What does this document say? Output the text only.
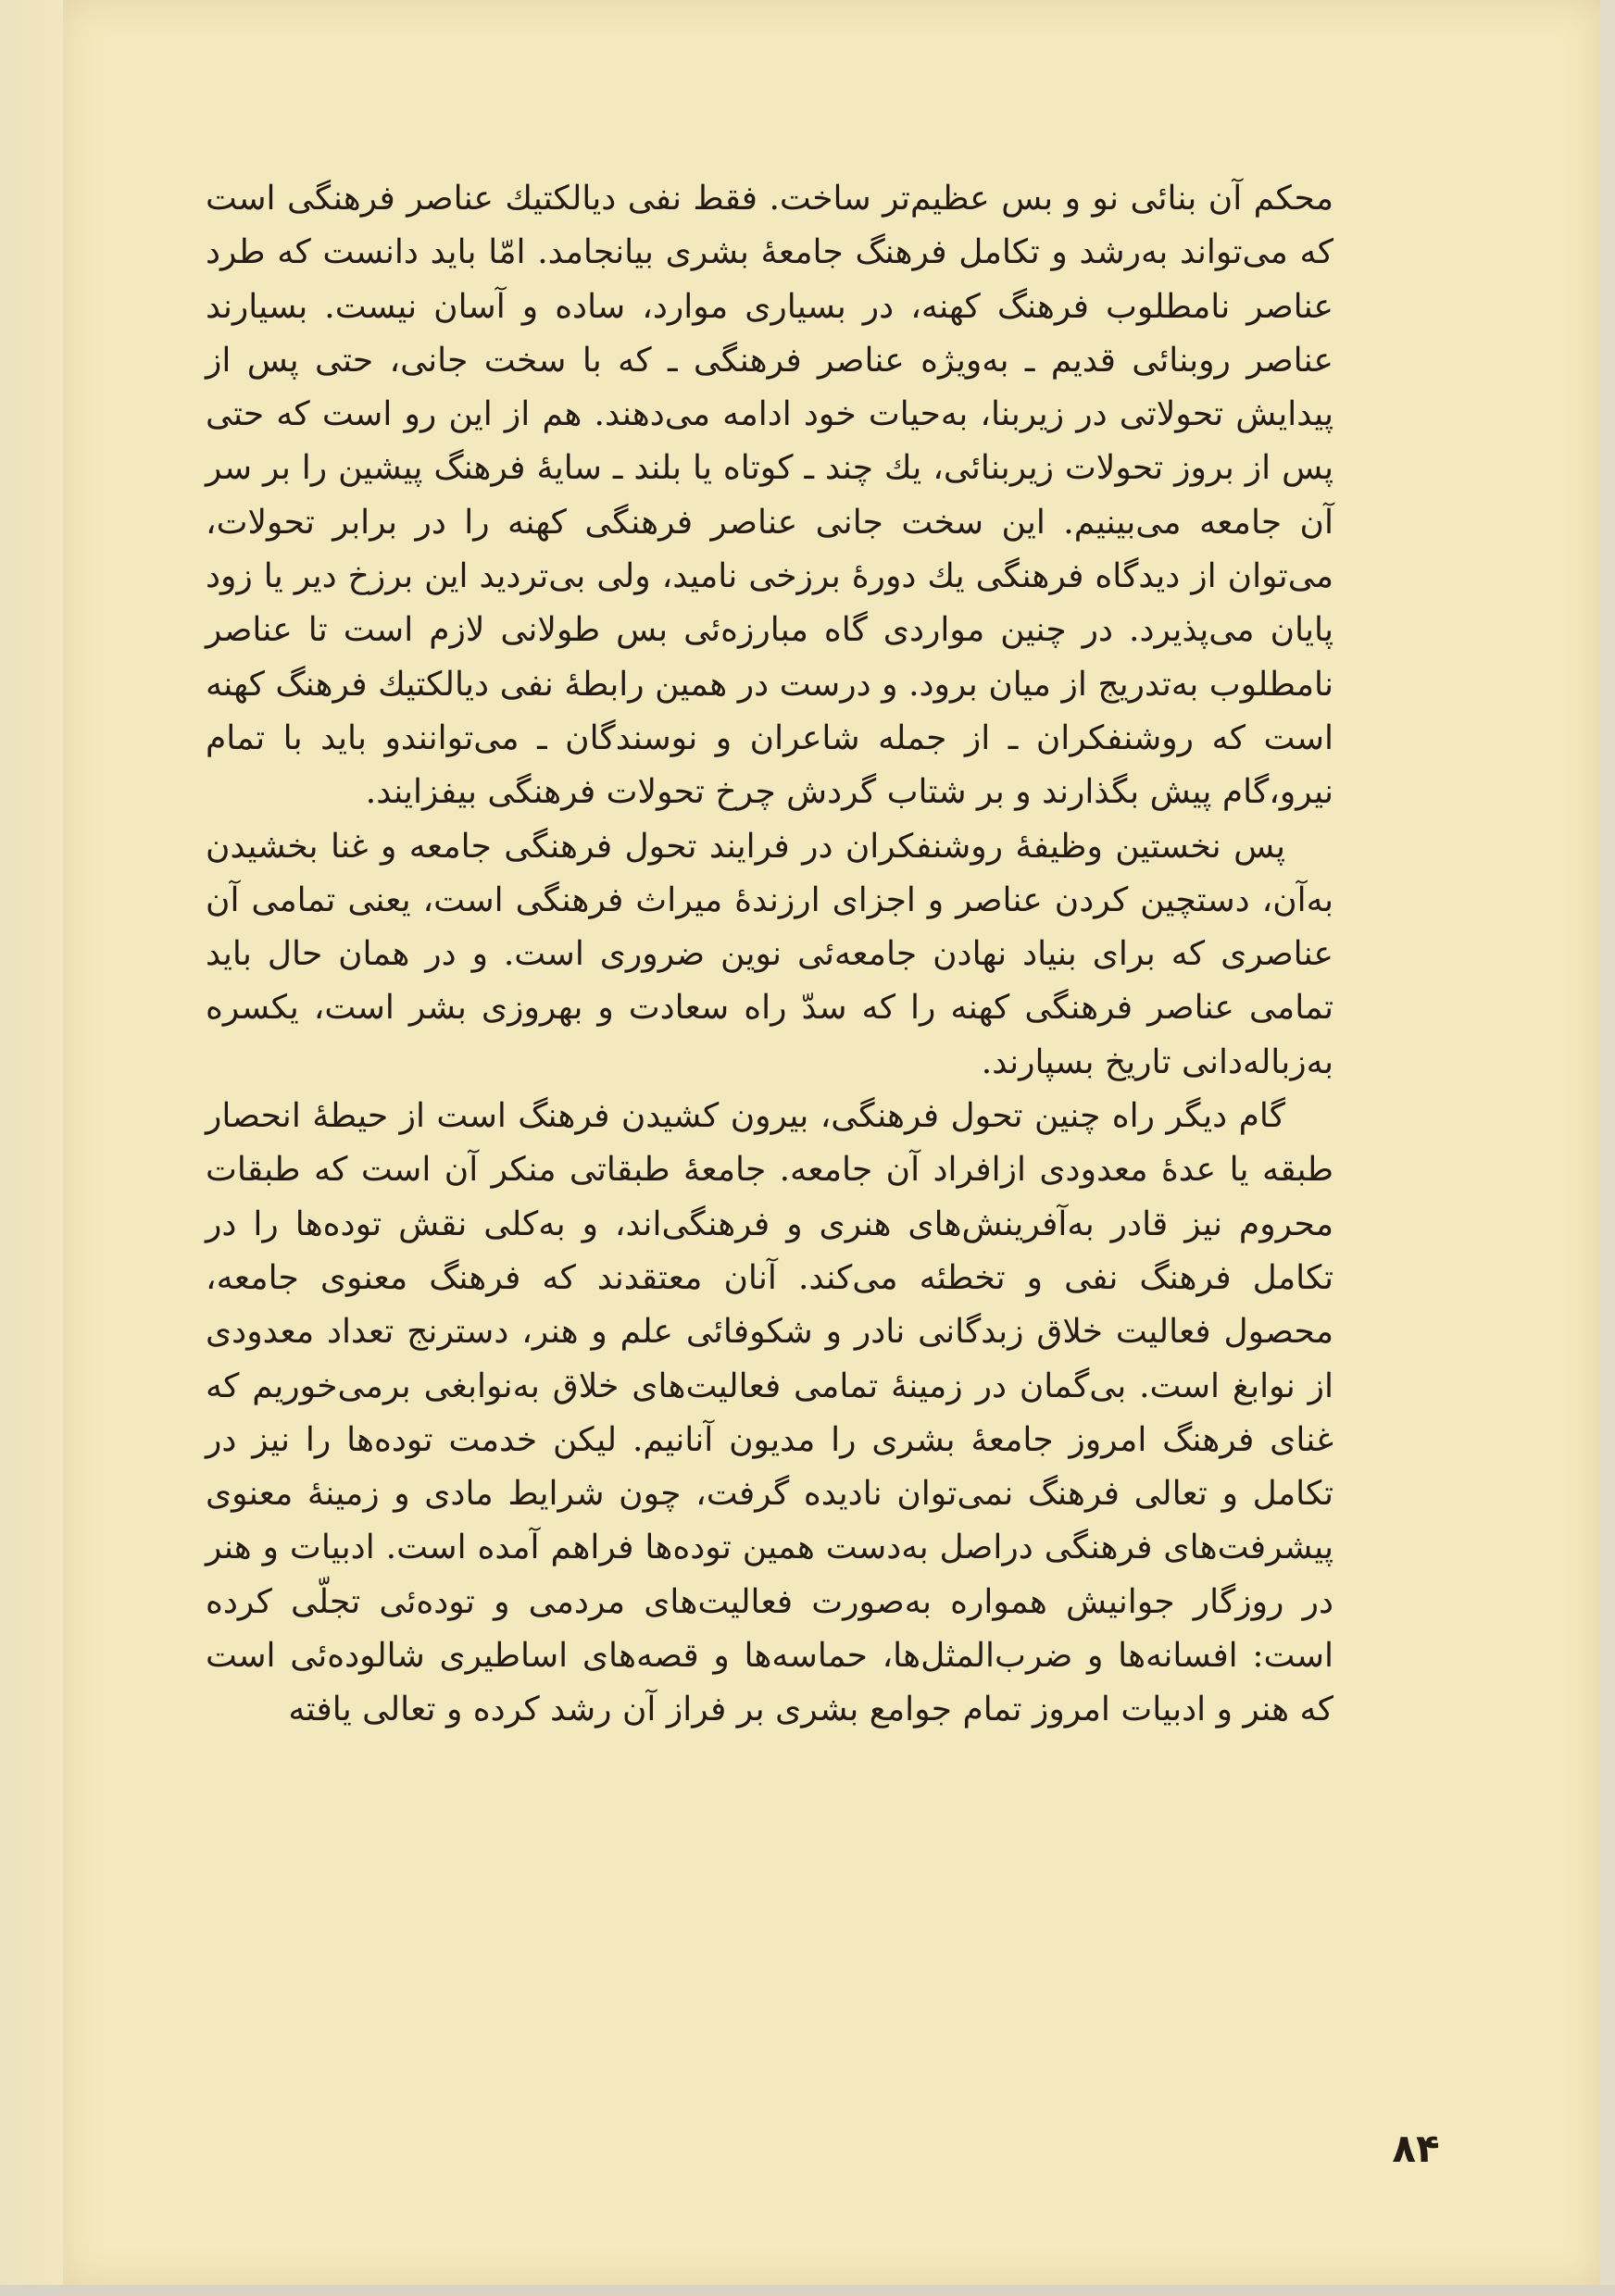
محکم آن بنائی نو و بس عظیم‌تر ساخت. فقط نفی دیالکتیك عناصر فرهنگی است که می‌تواند به‌رشد و تکامل فرهنگ جامعهٔ بشری بیانجامد. امّا باید دانست که طرد عناصر نامطلوب فرهنگ کهنه، در بسیاری موارد، ساده و آسان نیست. بسیارند عناصر روبنائی قدیم ـ به‌ویژه عناصر فرهنگی ـ که با سخت جانی، حتی پس از پیدایش تحولاتی در زیربنا، به‌حیات خود ادامه می‌دهند. هم از این رو است که حتی پس از بروز تحولات زیربنائی، یك چند ـ کوتاه یا بلند ـ سایهٔ فرهنگ پیشین را بر سر آن جامعه می‌بینیم. این سخت جانی عناصر فرهنگی کهنه را در برابر تحولات، می‌توان از دیدگاه فرهنگی یك دورهٔ برزخی نامید، ولی بی‌تردید این برزخ دیر یا زود پایان می‌پذیرد. در چنین مواردی گاه مبارزه‌ئی بس طولانی لازم است تا عناصر نامطلوب به‌تدریج از میان برود. و درست در همین رابطهٔ نفی دیالکتیك فرهنگ کهنه است که روشنفکران ـ از جمله شاعران و نوسندگان ـ می‌توانندو باید با تمام نیرو،گام پیش بگذارند و بر شتاب گردش چرخ تحولات فرهنگی بیفزایند.

پس نخستین وظیفهٔ روشنفکران در فرایند تحول فرهنگی جامعه و غنا بخشیدن به‌آن، دستچین کردن عناصر و اجزای ارزندهٔ میراث فرهنگی است، یعنی تمامی آن عناصری که برای بنیاد نهادن جامعه‌ئی نوین ضروری است. و در همان حال باید تمامی عناصر فرهنگی کهنه را که سدّ راه سعادت و بهروزی بشر است، یکسره به‌زباله‌دانی تاریخ بسپارند.

گام دیگر راه چنین تحول فرهنگی، بیرون کشیدن فرهنگ است از حیطهٔ انحصار طبقه یا عدهٔ معدودی ازافراد آن جامعه. جامعهٔ طبقاتی منکر آن است که طبقات محروم نیز قادر به‌آفرینش‌های هنری و فرهنگی‌اند، و به‌کلی نقش توده‌ها را در تکامل فرهنگ نفی و تخطئه می‌کند. آنان معتقدند که فرهنگ معنوی جامعه، محصول فعالیت خلاق زبدگانی نادر و شکوفائی علم و هنر، دسترنج تعداد معدودی از نوابغ است. بی‌گمان در زمینهٔ تمامی فعالیت‌های خلاق به‌نوابغی برمی‌خوریم که غنای فرهنگ امروز جامعهٔ بشری را مدیون آنانیم. لیکن خدمت توده‌ها را نیز در تکامل و تعالی فرهنگ نمی‌توان نادیده گرفت، چون شرایط مادی و زمینهٔ معنوی پیشرفت‌های فرهنگی دراصل به‌دست همین توده‌ها فراهم آمده است. ادبیات و هنر در روزگار جوانیش همواره به‌صورت فعالیت‌های مردمی و توده‌ئی تجلّی کرده است: افسانه‌ها و ضرب‌المثل‌ها، حماسه‌ها و قصه‌های اساطیری شالوده‌ئی است که هنر و ادبیات امروز تمام جوامع بشری بر فراز آن رشد کرده و تعالی یافته

۸۴
